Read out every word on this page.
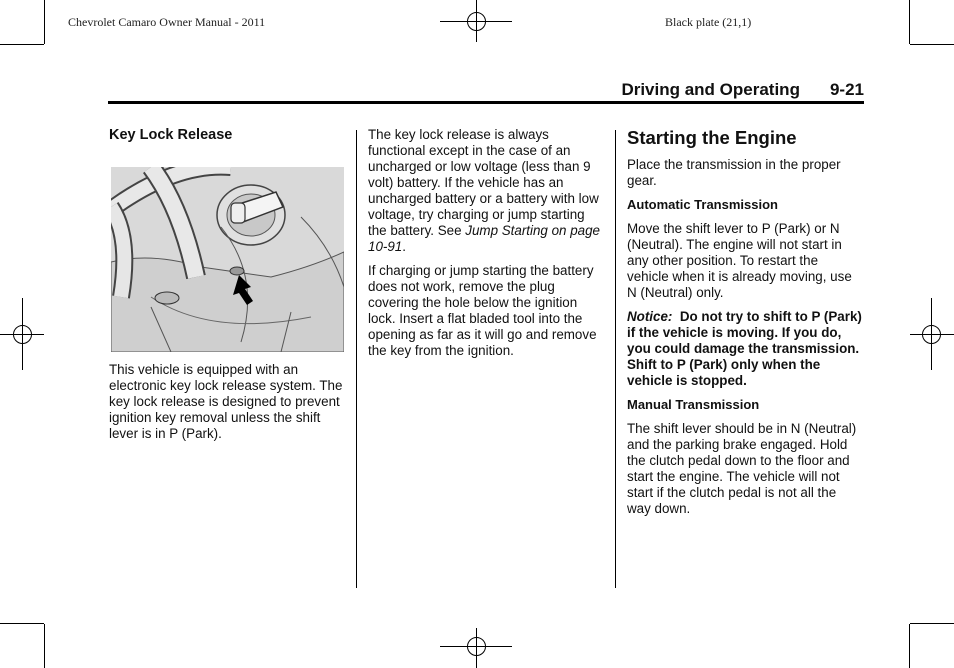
Chevrolet Camaro Owner Manual - 2011	Black plate (21,1)
Driving and Operating 9-21

Key Lock Release

This vehicle is equipped with an electronic key lock release system. The key lock release is designed to prevent ignition key removal unless the shift lever is in P (Park).

The key lock release is always functional except in the case of an uncharged or low voltage (less than 9 volt) battery. If the vehicle has an uncharged battery or a battery with low voltage, try charging or jump starting the battery. See Jump Starting on page 10-91.

If charging or jump starting the battery does not work, remove the plug covering the hole below the ignition lock. Insert a flat bladed tool into the opening as far as it will go and remove the key from the ignition.

Starting the Engine

Place the transmission in the proper gear.

Automatic Transmission

Move the shift lever to P (Park) or N (Neutral). The engine will not start in any other position. To restart the vehicle when it is already moving, use N (Neutral) only.

Notice: Do not try to shift to P (Park) if the vehicle is moving. If you do, you could damage the transmission. Shift to P (Park) only when the vehicle is stopped.

Manual Transmission

The shift lever should be in N (Neutral) and the parking brake engaged. Hold the clutch pedal down to the floor and start the engine. The vehicle will not start if the clutch pedal is not all the way down.
